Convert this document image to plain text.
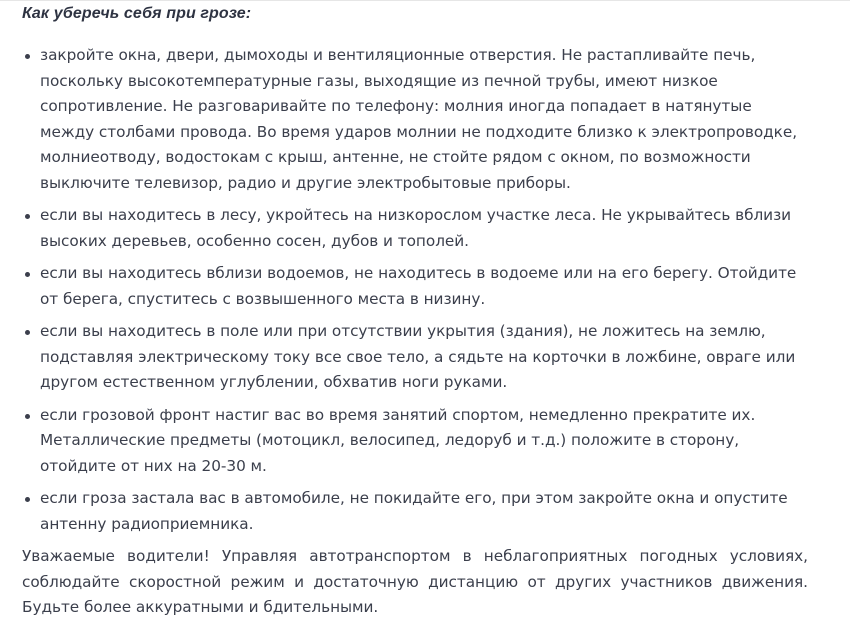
Как уберечь себя при грозе:
закройте окна, двери, дымоходы и вентиляционные отверстия. Не растапливайте печь, поскольку высокотемпературные газы, выходящие из печной трубы, имеют низкое сопротивление. Не разговаривайте по телефону: молния иногда попадает в натянутые между столбами провода. Во время ударов молнии не подходите близко к электропроводке, молниеотводу, водостокам с крыш, антенне, не стойте рядом с окном, по возможности выключите телевизор, радио и другие электробытовые приборы.
если вы находитесь в лесу, укройтесь на низкорослом участке леса. Не укрывайтесь вблизи высоких деревьев, особенно сосен, дубов и тополей.
если вы находитесь вблизи водоемов, не находитесь в водоеме или на его берегу. Отойдите от берега, спуститесь с возвышенного места в низину.
если вы находитесь в поле или при отсутствии укрытия (здания), не ложитесь на землю, подставляя электрическому току все свое тело, а сядьте на корточки в ложбине, овраге или другом естественном углублении, обхватив ноги руками.
если грозовой фронт настиг вас во время занятий спортом, немедленно прекратите их. Металлические предметы (мотоцикл, велосипед, ледоруб и т.д.) положите в сторону, отойдите от них на 20-30 м.
если гроза застала вас в автомобиле, не покидайте его, при этом закройте окна и опустите антенну радиоприемника.

Уважаемые водители! Управляя автотранспортом в неблагоприятных погодных условиях, соблюдайте скоростной режим и достаточную дистанцию от других участников движения. Будьте более аккуратными и бдительными.
